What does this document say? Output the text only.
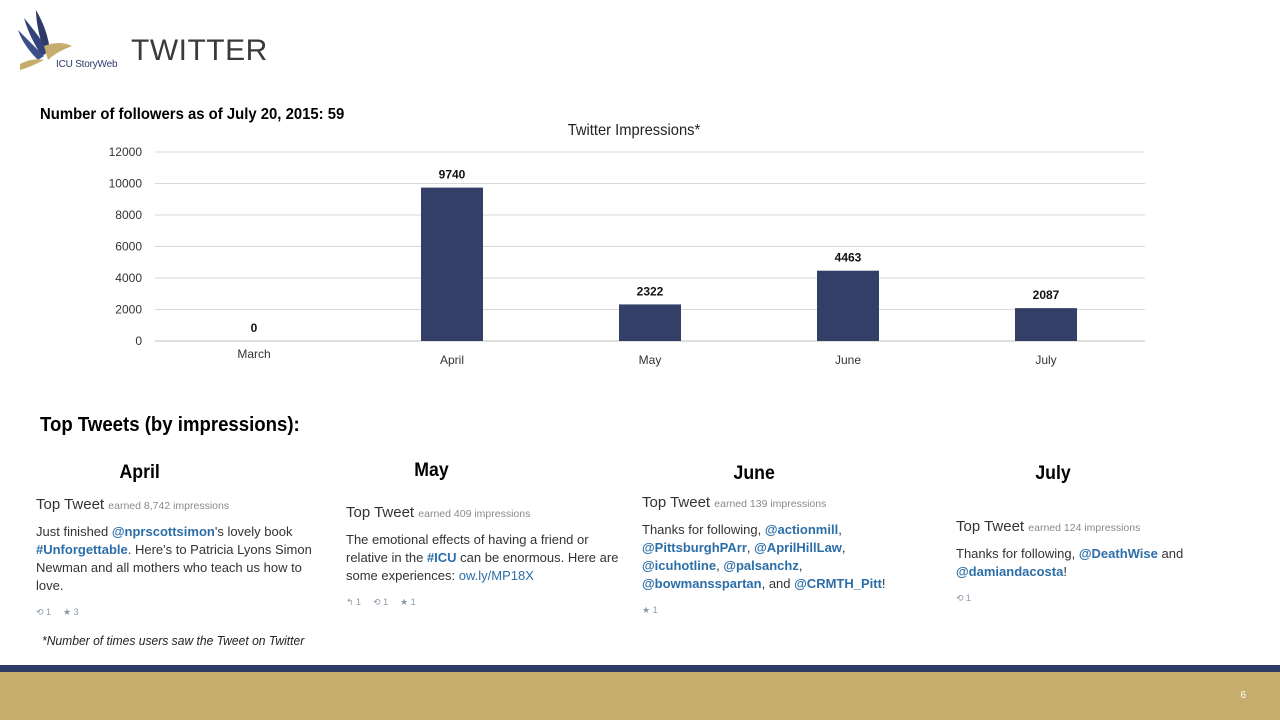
ICU StoryWeb TWITTER
Number of followers as of July 20, 2015: 59
Twitter Impressions*
0
2000
4000
6000
8000
10000
12000
0
March
9740
April
2322
May
4463
June
2087
July
Top Tweets (by impressions):
April
Top Tweet earned 8,742 impressions
Just finished @nprscottsimon's lovely book #Unforgettable. Here's to Patricia Lyons Simon Newman and all mothers who teach us how to love.
⟲ 1 ★ 3
May
Top Tweet earned 409 impressions
The emotional effects of having a friend or relative in the #ICU can be enormous. Here are some experiences: ow.ly/MP18X
↰ 1 ⟲ 1 ★ 1
June
Top Tweet earned 139 impressions
Thanks for following, @actionmill, @PittsburghPArr, @AprilHillLaw, @icuhotline, @palsanchz, @bowmansspartan, and @CRMTH_Pitt!
★ 1
July
Top Tweet earned 124 impressions
Thanks for following, @DeathWise and @damiandacosta!
⟲ 1
*Number of times users saw the Tweet on Twitter
6
